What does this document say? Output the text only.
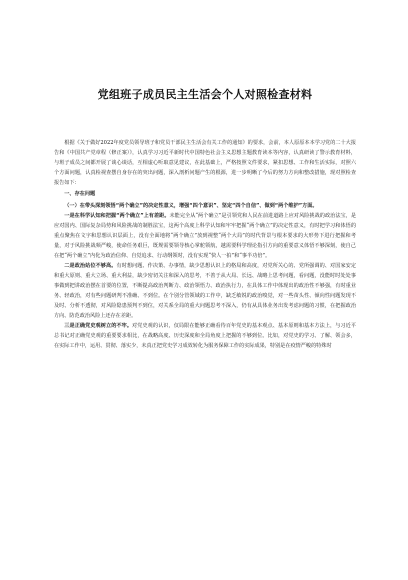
党组班子成员民主生活会个人对照检查材料

根据《关于做好2022年度党员领导班子和党员干部民主生活会有关工作的通知》的要求，会前，本人原原本本学习党的二十大报告和《中国共产党章程（修正案）》，认真学习习近平新时代中国特色社会主义思想主题教育读本等内容，认真研读了警示教育材料，与班子成员之间都开展了谈心谈话，互相虚心听取意见建议，在此基础上，严格按照文件要求，紧扣思想、工作和生活实际，对照六个方面问题，认真检视查摆自身存在的突出问题，深入剖析问题产生的根源，进一步明晰了今后的努力方向和整改措施，现对照检查报告如下：

一、存在问题

（一）在带头深刻领悟“两个确立”的决定性意义，增强“四个意识”、坚定“四个自信”、做到“两个维护”方面。

一是在科学认知和把握“两个确立”上有差距。未能完全从“两个确立”是引领党和人民在前进道路上应对风险挑战的政治法宝，是应对国内、国际复杂局势和风险挑战的制胜法宝，这两个高度上科学认知和牢牢把握“两个确立”的决定性意义，有时把学习和体悟的重点聚焦在文字和思想认识层面上，没有全面地将“两个确立”放到视整“两个大局”的时代背景与根本要求的大形势下进行把握和考量，对于风险挑战频严峻，使命任务艰巨，既规需要领导核心掌舵领航，越需要科学理论指引方向的重要意义体悟不够深刻，使自己在把“两个确立”内化为政治信仰、自觉追求、行动纲领时，没有实现“快人一拍”和“事半功倍”。

二是政治站位不够高。有时想问题、作决策、办事情，缺少思想认识上的格局和高度，对党所关心的、党所强调的、对国家安定和重大原则、重大立场、重大利益，缺少密切关注和深入的思考，不善于从大局、长远、战略上思考问题，看问题，没能时时处处事事做到把讲政治摆在首要的位置，不断提高政治判断力、政治领悟力、政治执行力，在具体工作中体现出的政治性不够强，有时重业务、轻政治，对有些问题研判不准确、不到位。在个别分管领域的工作中，缺乏敏锐的政治嗅觉，对一些苗头性、倾向性问题发现不及时、分析不透彻，对风险隐患预判不到位，对关系全局的重大问题思考不深入，仍有从具体业务出发考虑问题的习惯，在把握政治方向、防范政治风险上还存在差距。

三是正确党史观树立的不牢。对党史观的认识，仅局限在能够正确看待百年党史的基本观点、基本原则和基本方法上，与习近平总书记对正确党史观的重要要求相比，在战略高度、历史深度和全局角度上把握的不够到位。比如，对党史的学习、了解、领会多，在实际工作中，运用、贯彻、落实少，未真正把党史学习成效转化为服务保障工作的实际成果，特别是在疫情严峻的特殊时
